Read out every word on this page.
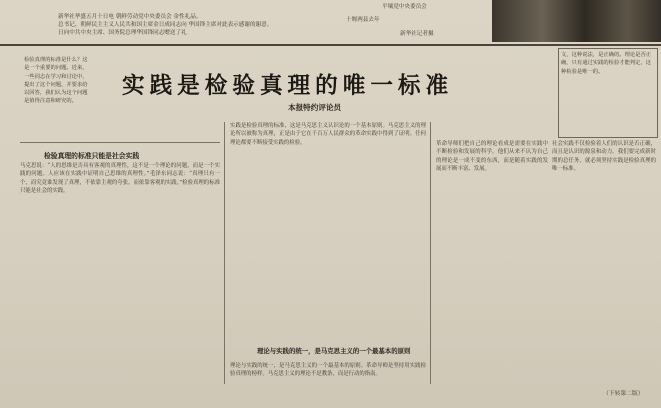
新华社华盛五月十日电 朝鲜劳动党中央委员会 金性礼品。
总书记、朝鲜民主主义人民共和国主席金日成同志向 华国锋主席对此表示感谢的谢意。
日向中共中央主席、国务院总理华国锋同志赠送了礼
平壤党中央委员会
十堰两县去年
新华社记者摄
检验真理的标准是什么？这是一个重要的问题。近来，一些同志在学习和讨论中，提出了这个问题，并要求给以回答，我们认为这个问题是值得注意和研究的。
实践是检验真理的唯一标准
本报特约评论员
文，这种说法，是正确的。理论是否正确，只有通过实践的检验才能判定，这种检验是唯一的。
检验真理的标准只能是社会实践
马克思说：“人的思维是否具有客观的真理性，这不是一个理论的问题，而是一个实践的问题。人应该在实践中证明自己思维的真理性。”毛泽东同志说：“真理只有一个，而究竟谁发现了真理，不依靠主观的夸张，而依靠客观的实践。”检验真理的标准只能是社会的实践。
实践是检验真理的标准，这是马克思主义认识论的一个基本原则。马克思主义的理论所以被称为真理，正是由于它在千百万人民群众的革命实践中得到了证明。任何理论都要不断接受实践的检验。
理论与实践的统一，是马克思主义的一个最基本的原则
理论与实践的统一，是马克思主义的一个最基本的原则。革命导师是坚持用实践检验真理的榜样。马克思主义的理论不是教条，而是行动的指南。
革命导师们把自己的理论看成是需要在实践中不断检验和发展的科学。他们从来不认为自己的理论是一成不变的东西，而是随着实践的发展而不断丰富、发展。
社会实践不仅检验着人们的认识是否正确，而且是认识的源泉和动力。我们要完成新时期的总任务，就必须坚持实践是检验真理的唯一标准。
（下转第二版）
